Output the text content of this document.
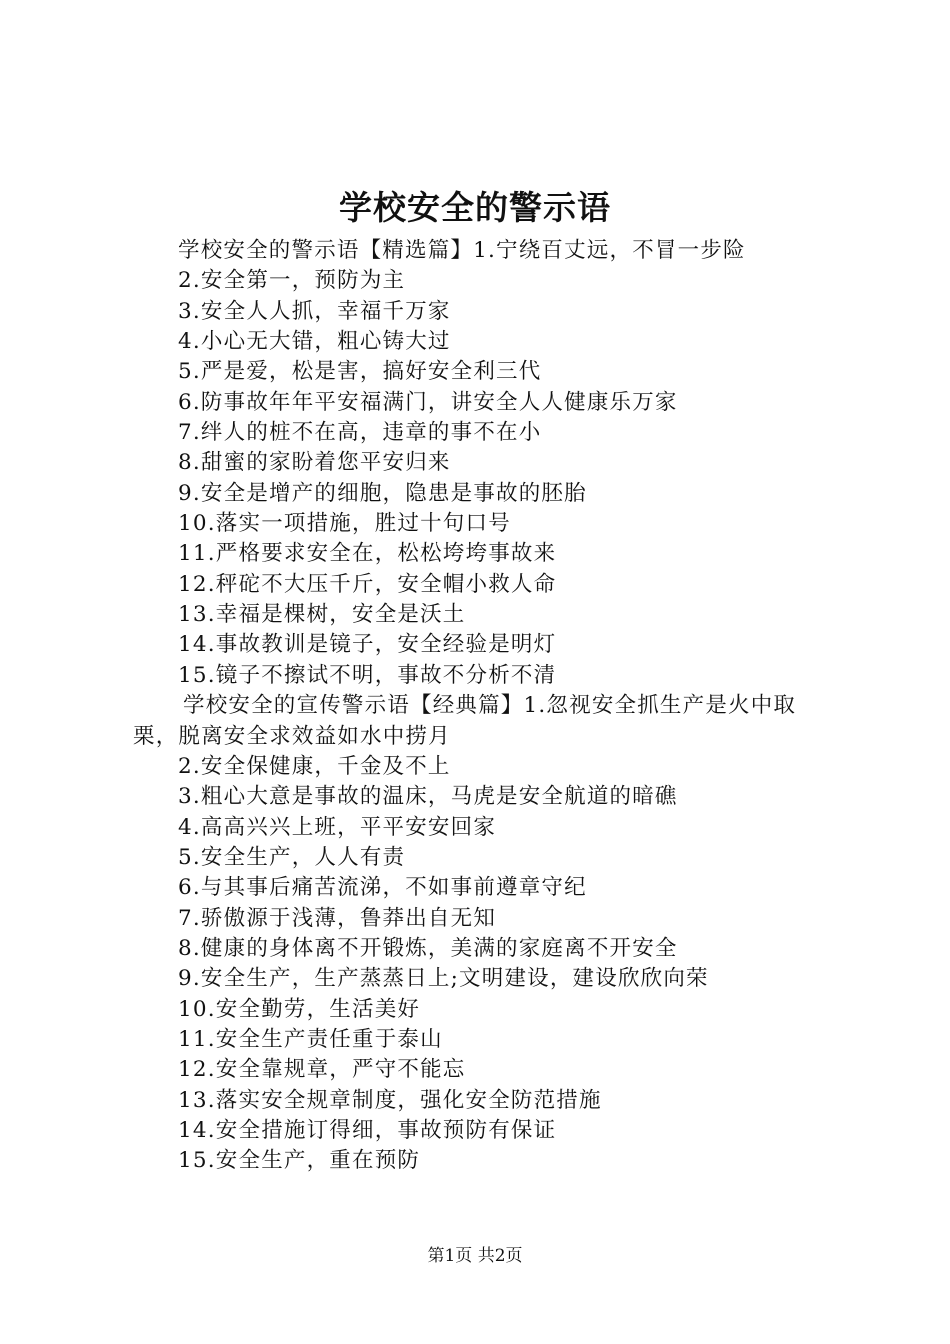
学校安全的警示语
学校安全的警示语【精选篇】1.宁绕百丈远，不冒一步险
2.安全第一，预防为主
3.安全人人抓，幸福千万家
4.小心无大错，粗心铸大过
5.严是爱，松是害，搞好安全利三代
6.防事故年年平安福满门，讲安全人人健康乐万家
7.绊人的桩不在高，违章的事不在小
8.甜蜜的家盼着您平安归来
9.安全是增产的细胞，隐患是事故的胚胎
10.落实一项措施，胜过十句口号
11.严格要求安全在，松松垮垮事故来
12.秤砣不大压千斤，安全帽小救人命
13.幸福是棵树，安全是沃土
14.事故教训是镜子，安全经验是明灯
15.镜子不擦试不明，事故不分析不清

学校安全的宣传警示语【经典篇】1.忽视安全抓生产是火中取栗，脱离安全求效益如水中捞月

2.安全保健康，千金及不上
3.粗心大意是事故的温床，马虎是安全航道的暗礁
4.高高兴兴上班，平平安安回家
5.安全生产，人人有责
6.与其事后痛苦流涕，不如事前遵章守纪
7.骄傲源于浅薄，鲁莽出自无知
8.健康的身体离不开锻炼，美满的家庭离不开安全
9.安全生产，生产蒸蒸日上;文明建设，建设欣欣向荣
10.安全勤劳，生活美好
11.安全生产责任重于泰山
12.安全靠规章，严守不能忘
13.落实安全规章制度，强化安全防范措施
14.安全措施订得细，事故预防有保证
15.安全生产，重在预防
第1页 共2页
